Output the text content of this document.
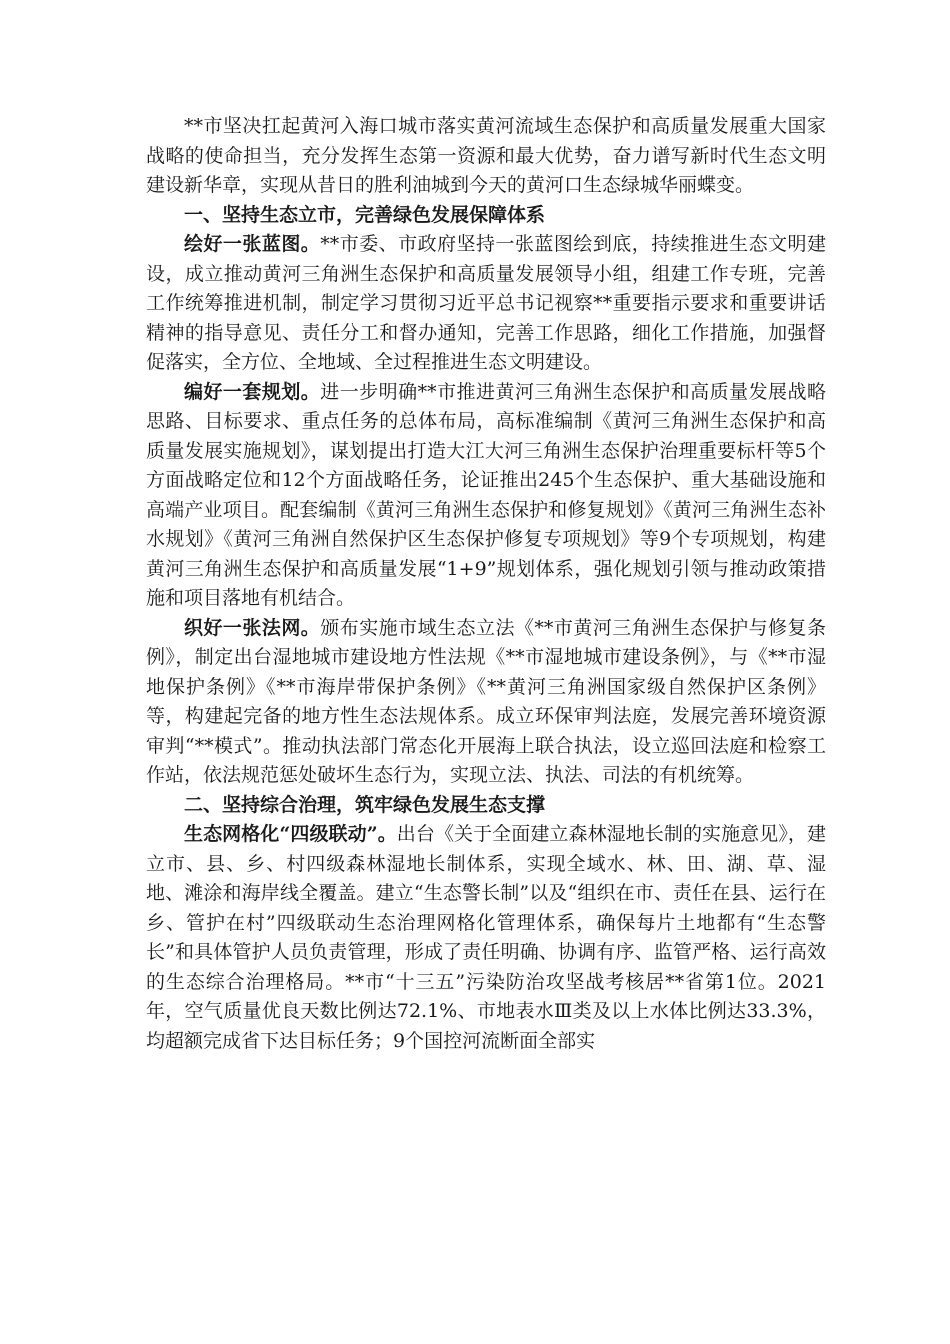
**市坚决扛起黄河入海口城市落实黄河流域生态保护和高质量发展重大国家战略的使命担当，充分发挥生态第一资源和最大优势，奋力谱写新时代生态文明建设新华章，实现从昔日的胜利油城到今天的黄河口生态绿城华丽蝶变。

一、坚持生态立市，完善绿色发展保障体系

绘好一张蓝图。**市委、市政府坚持一张蓝图绘到底，持续推进生态文明建设，成立推动黄河三角洲生态保护和高质量发展领导小组，组建工作专班，完善工作统筹推进机制，制定学习贯彻习近平总书记视察**重要指示要求和重要讲话精神的指导意见、责任分工和督办通知，完善工作思路，细化工作措施，加强督促落实，全方位、全地域、全过程推进生态文明建设。

编好一套规划。进一步明确**市推进黄河三角洲生态保护和高质量发展战略思路、目标要求、重点任务的总体布局，高标准编制《黄河三角洲生态保护和高质量发展实施规划》，谋划提出打造大江大河三角洲生态保护治理重要标杆等5个方面战略定位和12个方面战略任务，论证推出245个生态保护、重大基础设施和高端产业项目。配套编制《黄河三角洲生态保护和修复规划》《黄河三角洲生态补水规划》《黄河三角洲自然保护区生态保护修复专项规划》等9个专项规划，构建黄河三角洲生态保护和高质量发展“1+9”规划体系，强化规划引领与推动政策措施和项目落地有机结合。

织好一张法网。颁布实施市域生态立法《**市黄河三角洲生态保护与修复条例》，制定出台湿地城市建设地方性法规《**市湿地城市建设条例》，与《**市湿地保护条例》《**市海岸带保护条例》《**黄河三角洲国家级自然保护区条例》等，构建起完备的地方性生态法规体系。成立环保审判法庭，发展完善环境资源审判“**模式”。推动执法部门常态化开展海上联合执法，设立巡回法庭和检察工作站，依法规范惩处破坏生态行为，实现立法、执法、司法的有机统筹。

二、坚持综合治理，筑牢绿色发展生态支撑

生态网格化“四级联动”。出台《关于全面建立森林湿地长制的实施意见》，建立市、县、乡、村四级森林湿地长制体系，实现全域水、林、田、湖、草、湿地、滩涂和海岸线全覆盖。建立“生态警长制”以及“组织在市、责任在县、运行在乡、管护在村”四级联动生态治理网格化管理体系，确保每片土地都有“生态警长”和具体管护人员负责管理，形成了责任明确、协调有序、监管严格、运行高效的生态综合治理格局。**市“十三五”污染防治攻坚战考核居**省第1位。2021年，空气质量优良天数比例达72.1%、市地表水Ⅲ类及以上水体比例达33.3%，均超额完成省下达目标任务；9个国控河流断面全部实
